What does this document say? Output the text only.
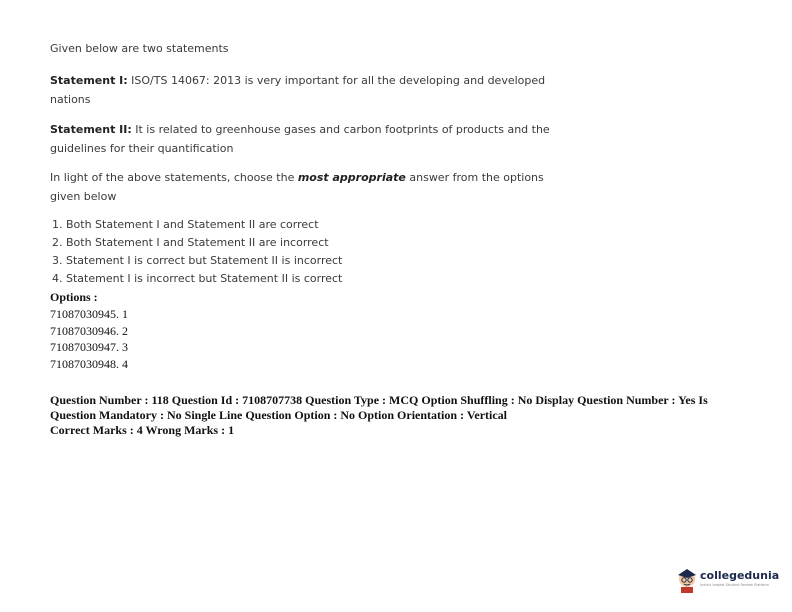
Given below are two statements
Statement I: ISO/TS 14067: 2013 is very important for all the developing and developed nations
Statement II: It is related to greenhouse gases and carbon footprints of products and the guidelines for their quantification
In light of the above statements, choose the most appropriate answer from the options given below
1. Both Statement I and Statement II are correct
2. Both Statement I and Statement II are incorrect
3. Statement I is correct but Statement II is incorrect
4. Statement I is incorrect but Statement II is correct
Options :
71087030945. 1
71087030946. 2
71087030947. 3
71087030948. 4
Question Number : 118 Question Id : 7108707738 Question Type : MCQ Option Shuffling : No Display Question Number : Yes Is
Question Mandatory : No Single Line Question Option : No Option Orientation : Vertical
Correct Marks : 4 Wrong Marks : 1
collegedunia
India's largest Student Review Platform
